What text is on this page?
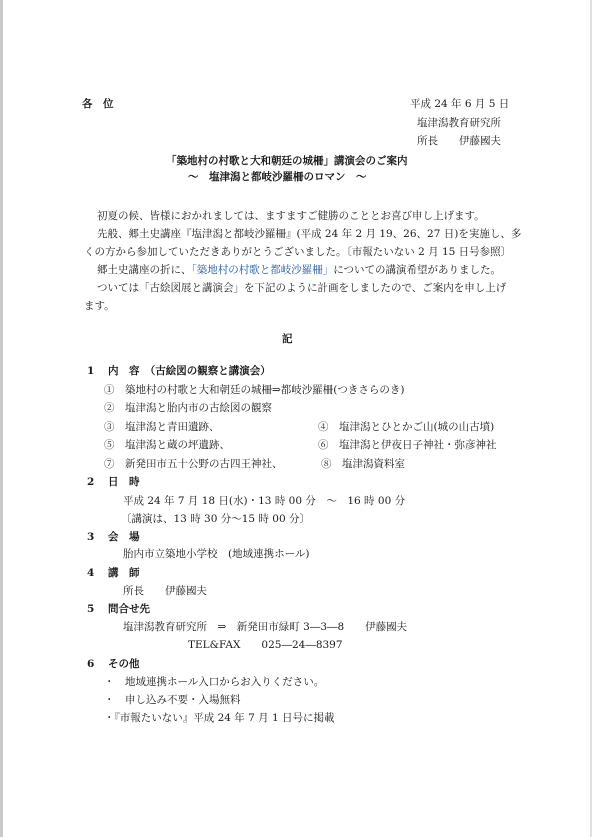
各　位	平成 24 年 6 月 5 日
塩津潟教育研究所
所長　　伊藤國夫
「築地村の村歌と大和朝廷の城柵」講演会のご案内
～　塩津潟と都岐沙羅柵のロマン　～
初夏の候、皆様におかれましては、ますますご健勝のこととお喜び申し上げます。
先般、郷土史講座『塩津潟と都岐沙羅柵』(平成 24 年 2 月 19、26、27 日)を実施し、多
くの方から参加していただきありがとうございました。〔市報たいない 2 月 15 日号参照〕
郷土史講座の折に、「築地村の村歌と都岐沙羅柵」についての講演希望がありました。
ついては「古絵図展と講演会」を下記のように計画をしましたので、ご案内を申し上げ
ます。
記
1 内　容　（古絵図の観察と講演会）
①　築地村の村歌と大和朝廷の城柵⇒都岐沙羅柵(つきさらのき)
②　塩津潟と胎内市の古絵図の観察
③　塩津潟と青田遺跡、	④　塩津潟とひとかご山(城の山古墳)
⑤　塩津潟と蔵の坪遺跡、	⑥　塩津潟と伊夜日子神社・弥彦神社
⑦　新発田市五十公野の古四王神社、	⑧　塩津潟資料室
2 日　時
平成 24 年 7 月 18 日(水)・13 時 00 分　～　16 時 00 分
〔講演は、13 時 30 分～15 時 00 分〕
3 会　場
胎内市立築地小学校　(地域連携ホール)
4 講　師
所長　　伊藤國夫
5 問合せ先
塩津潟教育研究所　⇒　新発田市緑町 3―3―8　　伊藤國夫
TEL&FAX　　025―24―8397
6 その他
・　地域連携ホール入口からお入りください。
・　申し込み不要・入場無料
・『市報たいない』平成 24 年 7 月 1 日号に掲載
